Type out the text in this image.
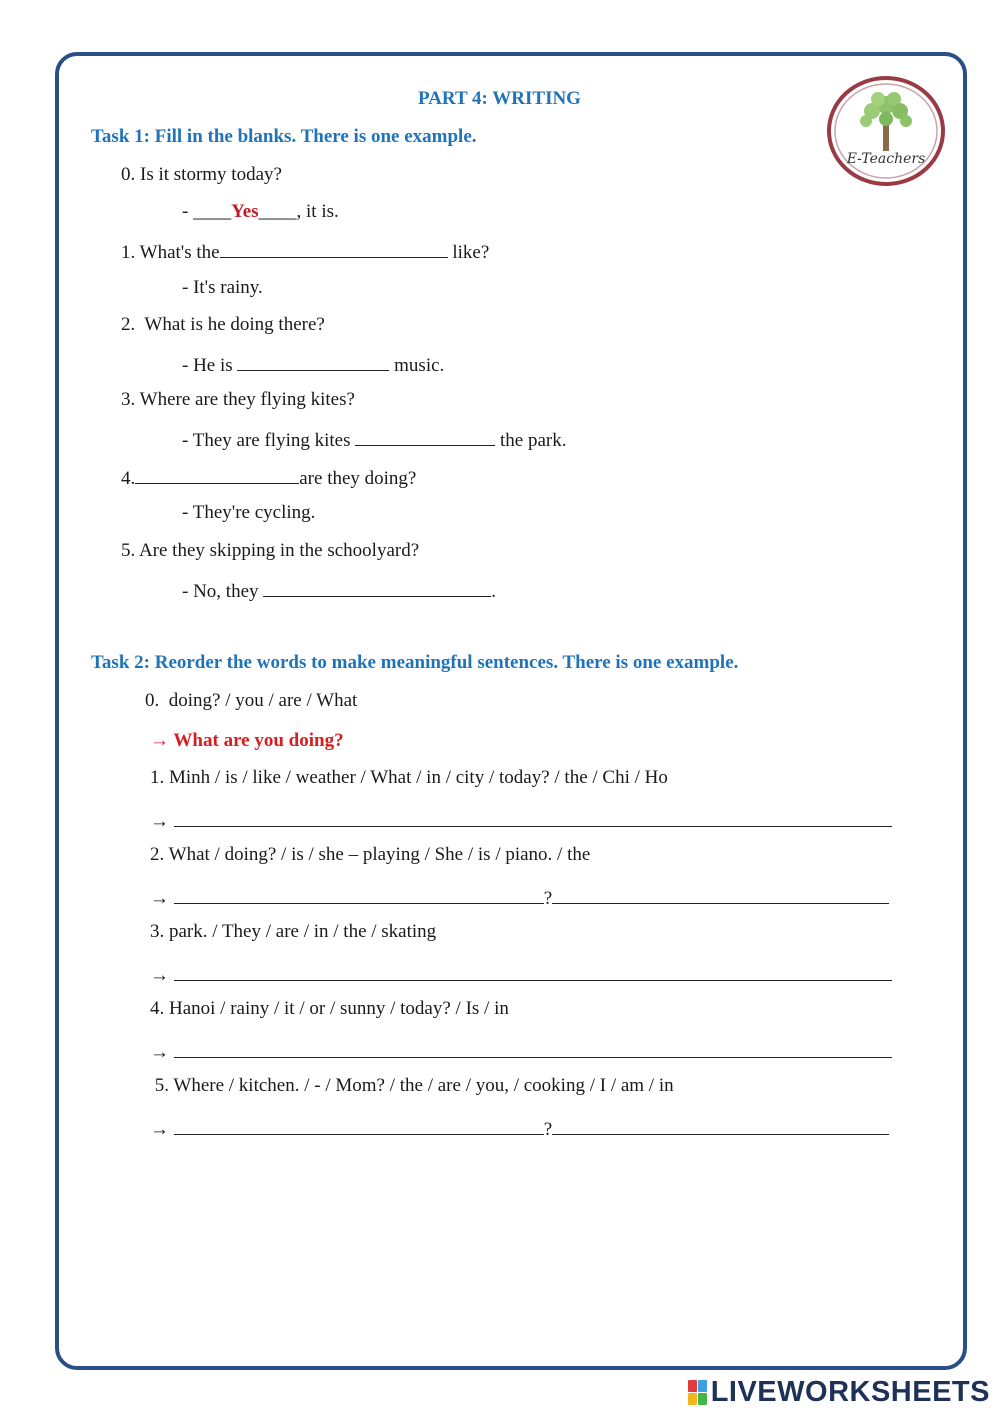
E-Teachers
PART 4: WRITING
Task 1: Fill in the blanks. There is one example.
0. Is it stormy today?
- ____Yes____, it is.
1. What's the	like?
- It's rainy.
2.  What is he doing there?
- He is	music.
3. Where are they flying kites?
- They are flying kites	the park.
4.	are they doing?
- They're cycling.
5. Are they skipping in the schoolyard?
- No, they	.
Task 2: Reorder the words to make meaningful sentences. There is one example.
0.  doing? / you / are / What
→ What are you doing?
1. Minh / is / like / weather / What / in / city / today? / the / Chi / Ho
→
2. What / doing? / is / she – playing / She / is / piano. / the
→	?
3. park. / They / are / in / the / skating
→
4. Hanoi / rainy / it / or / sunny / today? / Is / in
→
5. Where / kitchen. / - / Mom? / the / are / you, / cooking / I / am / in
→	?
LIVEWORKSHEETS
